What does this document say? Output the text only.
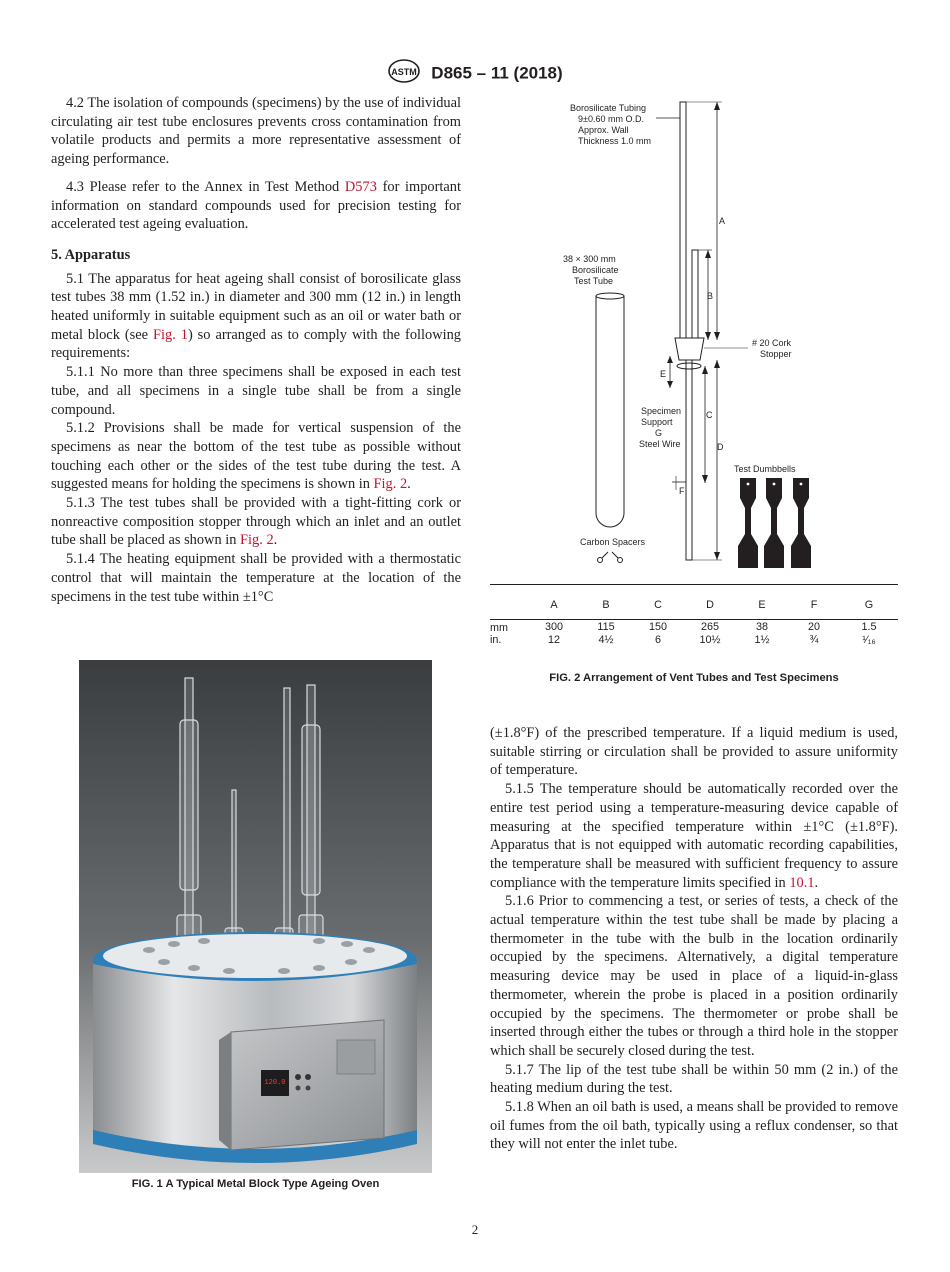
ASTM D865 – 11 (2018)

4.2 The isolation of compounds (specimens) by the use of individual circulating air test tube enclosures prevents cross contamination from volatile products and permits a more representative assessment of ageing performance.

4.3 Please refer to the Annex in Test Method D573 for important information on standard compounds used for precision testing for accelerated test ageing evaluation.

5. Apparatus

5.1 The apparatus for heat ageing shall consist of borosilicate glass test tubes 38 mm (1.52 in.) in diameter and 300 mm (12 in.) in length heated uniformly in suitable equipment such as an oil or water bath or metal block (see Fig. 1) so arranged as to comply with the following requirements:

5.1.1 No more than three specimens shall be exposed in each test tube, and all specimens in a single tube shall be from a single compound.

5.1.2 Provisions shall be made for vertical suspension of the specimens as near the bottom of the test tube as possible without touching each other or the sides of the test tube during the test. A suggested means for holding the specimens is shown in Fig. 2.

5.1.3 The test tubes shall be provided with a tight-fitting cork or nonreactive composition stopper through which an inlet and an outlet tube shall be placed as shown in Fig. 2.

5.1.4 The heating equipment shall be provided with a thermostatic control that will maintain the temperature at the location of the specimens in the test tube within ±1°C

120.0
FIG. 1 A Typical Metal Block Type Ageing Oven
Borosilicate Tubing
9±0.60 mm O.D.
Approx. Wall
Thickness 1.0 mm
A
B
# 20 Cork
Stopper
E
C
D
F
Specimen
Support
G
Steel Wire
38 × 300 mm
Borosilicate
Test Tube
Carbon Spacers
Test Dumbbells
	A	B	C	D	E	F	G

mm	300	115	150	265	38	20	1.5
in.	12	4½	6	10½	1½	¾	¹⁄₁₆
FIG. 2 Arrangement of Vent Tubes and Test Specimens

(±1.8°F) of the prescribed temperature. If a liquid medium is used, suitable stirring or circulation shall be provided to assure uniformity of temperature.

5.1.5 The temperature should be automatically recorded over the entire test period using a temperature-measuring device capable of measuring at the specified temperature within ±1°C (±1.8°F). Apparatus that is not equipped with automatic recording capabilities, the temperature shall be measured with sufficient frequency to assure compliance with the temperature limits specified in 10.1.

5.1.6 Prior to commencing a test, or series of tests, a check of the actual temperature within the test tube shall be made by placing a thermometer in the tube with the bulb in the location ordinarily occupied by the specimens. Alternatively, a digital temperature measuring device may be used in place of a liquid-in-glass thermometer, wherein the probe is placed in a position ordinarily occupied by the specimens. The thermometer or probe shall be inserted through either the tubes or through a third hole in the stopper which shall be securely closed during the test.

5.1.7 The lip of the test tube shall be within 50 mm (2 in.) of the heating medium during the test.

5.1.8 When an oil bath is used, a means shall be provided to remove oil fumes from the oil bath, typically using a reflux condenser, so that they will not enter the inlet tube.

2
